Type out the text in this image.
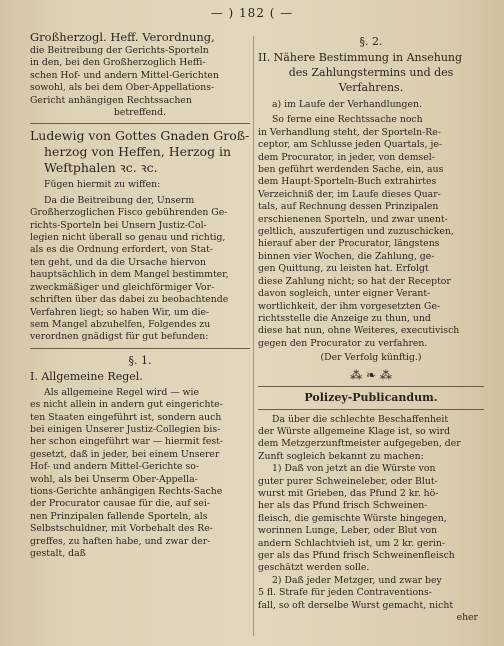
— ) 182 ( —
Großherzogl. Heff. Verordnung,
die Beitreibung der Gerichts-Sporteln
in den, bei den Großherzoglich Heffi-
schen Hof- und andern Mittel-Gerichten
sowohl, als bei dem Ober-Appellations-
Gericht anhängigen Rechtssachen
betreffend.
Ludewig von Gottes Gnaden Groß-
herzog von Heffen, Herzog in
Weftphalen ꝛc. ꝛc.
Fügen hiermit zu wiffen:
Da die Beitreibung der, Unserm
Großherzoglichen Fisco gebührenden Ge-
richts-Sporteln bei Unsern Justiz-Col-
legien nicht überall so genau und richtig,
als es die Ordnung erfordert, von Stat-
ten geht, und da die Ursache hiervon
hauptsächlich in dem Mangel bestimmter,
zweckmäßiger und gleichförmiger Vor-
schriften über das dabei zu beobachtende
Verfahren liegt; so haben Wir, um die-
sem Mangel abzuhelfen, Folgendes zu
verordnen gnädigst für gut befunden:
§. 1.
I. Allgemeine Regel.
Als allgemeine Regel wird — wie
es nicht allein in andern gut eingerichte-
ten Staaten eingeführt ist, sondern auch
bei einigen Unserer Justiz-Collegien bis-
her schon eingeführt war — hiermit fest-
gesetzt, daß in jeder, bei einem Unserer
Hof- und andern Mittel-Gerichte so-
wohl, als bei Unserm Ober-Appella-
tions-Gerichte anhängigen Rechts-Sache
der Procurator causae für die, auf sei-
nen Prinzipalen fallende Sporteln, als
Selbstschuldner, mit Vorbehalt des Re-
greffes, zu haften habe, und zwar der-
gestalt, daß
§. 2.
II. Nähere Bestimmung in Ansehung
des Zahlungstermins und des
Verfahrens.
a) im Laufe der Verhandlungen.
So ferne eine Rechtssache noch
in Verhandlung steht, der Sporteln-Re-
ceptor, am Schlusse jeden Quartals, je-
dem Procurator, in jeder, von demsel-
ben geführt werdenden Sache, ein, aus
dem Haupt-Sporteln-Buch extrahirtes
Verzeichniß der, im Laufe dieses Quar-
tals, auf Rechnung dessen Prinzipalen
erschienenen Sporteln, und zwar unent-
geltlich, auszufertigen und zuzuschicken,
hierauf aber der Procurator, längstens
binnen vier Wochen, die Zahlung, ge-
gen Quittung, zu leisten hat. Erfolgt
diese Zahlung nicht; so hat der Receptor
davon sogleich, unter eigner Verant-
wortlichkeit, der ihm vorgesetzten Ge-
richtsstelle die Anzeige zu thun, und
diese hat nun, ohne Weiteres, executivisch
gegen den Procurator zu verfahren.
(Der Verfolg künftig.)
⁂ ❧ ⁂
Polizey-Publicandum.
Da über die schlechte Beschaffenheit
der Würste allgemeine Klage ist, so wird
dem Metzgerzunftmeister aufgegeben, der
Zunft sogleich bekannt zu machen:
1) Daß von jetzt an die Würste von
guter purer Schweineleber, oder Blut-
wurst mit Grieben, das Pfund 2 kr. hö-
her als das Pfund frisch Schweinen-
fleisch, die gemischte Würste hingegen,
worinnen Lunge, Leber, oder Blut von
andern Schlachtvieh ist, um 2 kr. gerin-
ger als das Pfund frisch Schweinenfleisch
geschätzt werden solle.
2) Daß jeder Metzger, und zwar bey
5 fl. Strafe für jeden Contraventions-
fall, so oft derselbe Wurst gemacht, nicht
eher
